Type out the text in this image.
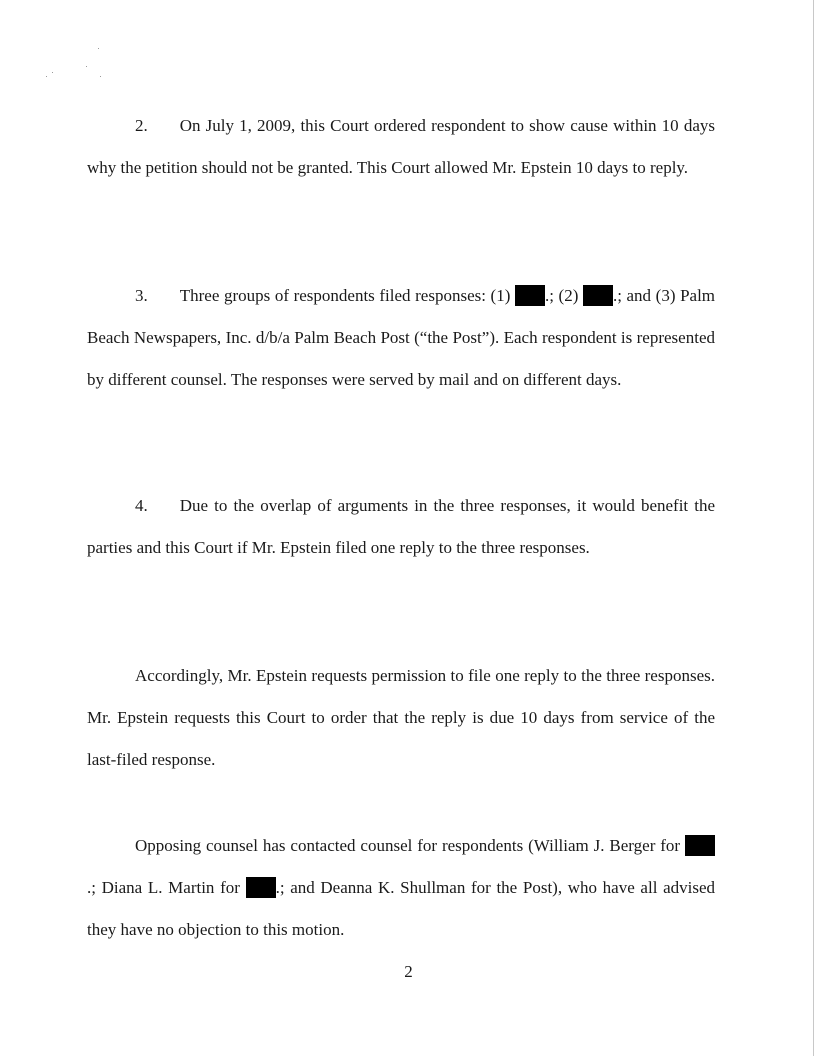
2. On July 1, 2009, this Court ordered respondent to show cause within 10 days why the petition should not be granted. This Court allowed Mr. Epstein 10 days to reply.

3. Three groups of respondents filed responses: (1) .; (2) .; and (3) Palm Beach Newspapers, Inc. d/b/a Palm Beach Post (“the Post”). Each respondent is represented by different counsel. The responses were served by mail and on different days.

4. Due to the overlap of arguments in the three responses, it would benefit the parties and this Court if Mr. Epstein filed one reply to the three responses.

Accordingly, Mr. Epstein requests permission to file one reply to the three responses. Mr. Epstein requests this Court to order that the reply is due 10 days from service of the last-filed response.

Opposing counsel has contacted counsel for respondents (William J. Berger for .; Diana L. Martin for .; and Deanna K. Shullman for the Post), who have all advised they have no objection to this motion.

2
